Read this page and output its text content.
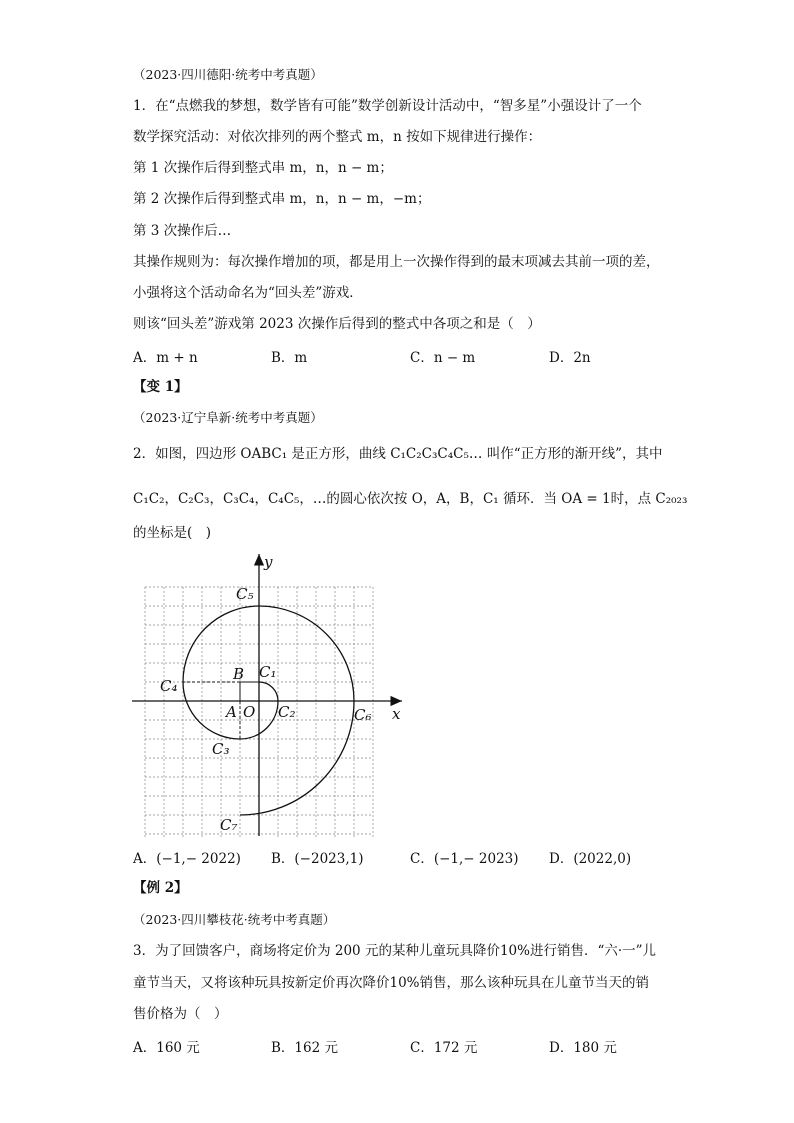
（2023·四川德阳·统考中考真题）
1．在“点燃我的梦想，数学皆有可能”数学创新设计活动中，“智多星”小强设计了一个
数学探究活动：对依次排列的两个整式 m，n 按如下规律进行操作：
第 1 次操作后得到整式串 m，n，n − m；
第 2 次操作后得到整式串 m，n，n − m，−m；
第 3 次操作后…
其操作规则为：每次操作增加的项，都是用上一次操作得到的最末项减去其前一项的差，
小强将这个活动命名为“回头差”游戏．
则该“回头差”游戏第 2023 次操作后得到的整式中各项之和是（　）
A．m + n	B．m	C．n − m	D．2n
【变 1】
（2023·辽宁阜新·统考中考真题）
2．如图，四边形 OABC₁ 是正方形，曲线 C₁C₂C₃C₄C₅… 叫作“正方形的渐开线”，其中
C₁C₂，C₂C₃，C₃C₄，C₄C₅，…的圆心依次按 O，A，B，C₁ 循环．当 OA = 1时，点 C₂₀₂₃
的坐标是(　)
y
x
O
A
B C₁
C₂
C₃
C₄
C₅
C₆
C₇
A．(−1,− 2022) B．(−2023,1)	C．(−1,− 2023) D．(2022,0)
【例 2】
（2023·四川攀枝花·统考中考真题）
3．为了回馈客户，商场将定价为 200 元的某种儿童玩具降价10%进行销售．“六·一”儿
童节当天，又将该种玩具按新定价再次降价10%销售，那么该种玩具在儿童节当天的销
售价格为（　）
A．160 元	B．162 元	C．172 元	D．180 元
